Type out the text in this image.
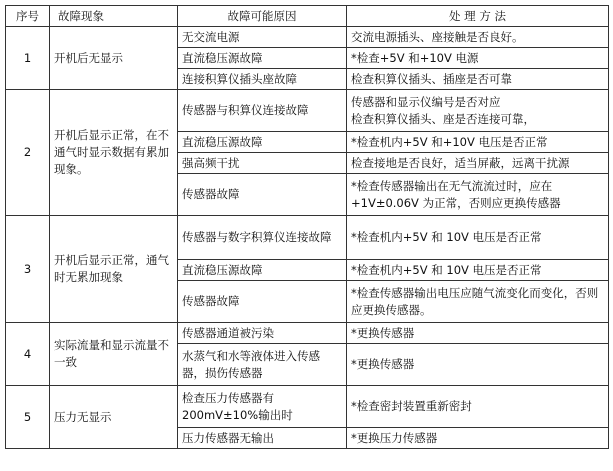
序号	故障现象	故障可能原因	处 理 方 法
1	开机后无显示	无交流电源	交流电源插头、座接触是否良好。
		直流稳压源故障	*检查+5V 和+10V 电源
		连接积算仪插头座故障	检查积算仪插头、插座是否可靠
2	开机后显示正常，在不通气时显示数据有累加现象。	传感器与积算仪连接故障	传感器和显示仪编号是否对应
检查积算仪插头、座是否连接可靠，

		直流稳压源故障	*检查机内+5V 和+10V 电压是否正常
		强高频干扰	检查接地是否良好，适当屏蔽，远离干扰源
		传感器故障	*检查传感器输出在无气流流过时，应在+1V±0.06V 为正常，否则应更换传感器
3	开机后显示正常，通气时无累加现象	传感器与数字积算仪连接故障	*检查机内+5V 和 10V 电压是否正常
		直流稳压源故障	*检查机内+5V 和 10V 电压是否正常
		传感器故障	*检查传感器输出电压应随气流变化而变化，否则应更换传感器。
4	实际流量和显示流量不一致	传感器通道被污染	*更换传感器
		水蒸气和水等液体进入传感器，损伤传感器	*更换传感器
5	压力无显示	检查压力传感器有 200mV±10%输出时	*检查密封装置重新密封
		压力传感器无输出	*更换压力传感器
